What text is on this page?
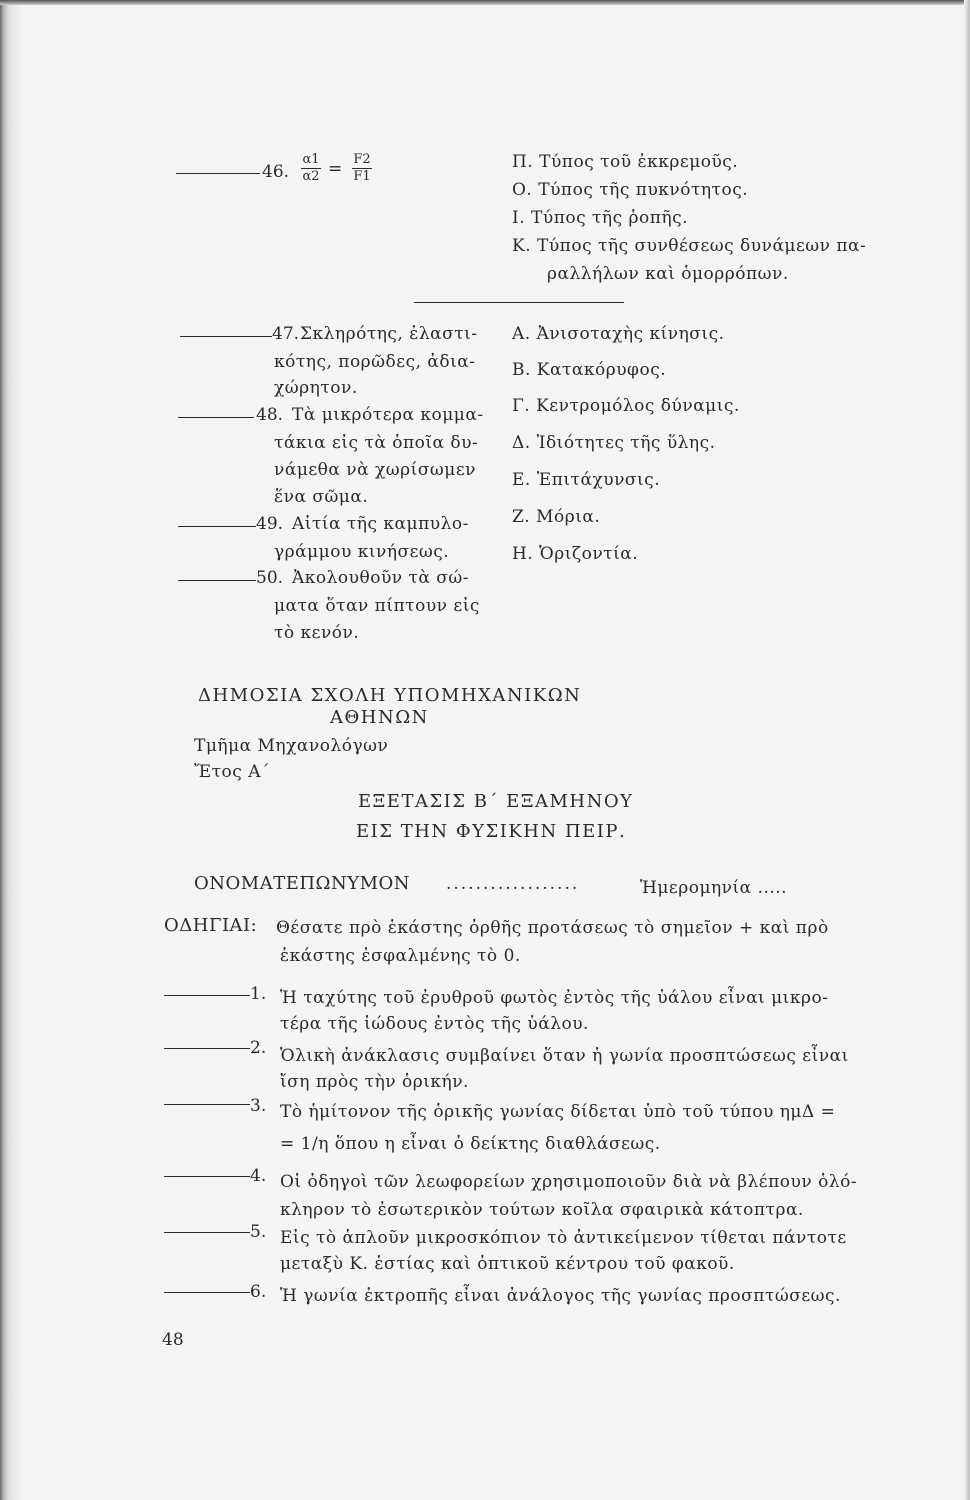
46.
α1
α2 = F2
F1
Π. Τύπος τοῦ ἐκκρεμοῦς.
Ο. Τύπος τῆς πυκνότητος.
Ι. Τύπος τῆς ῥοπῆς.
Κ. Τύπος τῆς συνθέσεως δυνάμεων πα-
ραλλήλων καὶ ὁμορρόπων.
47. Σκληρότης, ἐλαστι-
κότης, πορῶδες, ἀδια-
χώρητον.
48. Τὰ μικρότερα κομμα-
τάκια εἰς τὰ ὁποῖα δυ-
νάμεθα νὰ χωρίσωμεν
ἕνα σῶμα.
49. Αἰτία τῆς καμπυλο-
γράμμου κινήσεως.
50. Ἀκολουθοῦν τὰ σώ-
ματα ὅταν πίπτουν εἰς
τὸ κενόν.
Α. Ἀνισοταχὴς κίνησις.
Β. Κατακόρυφος.
Γ. Κεντρομόλος δύναμις.
Δ. Ἰδιότητες τῆς ὕλης.
Ε. Ἐπιτάχυνσις.
Ζ. Μόρια.
Η. Ὁριζοντία.
ΔΗΜΟΣΙΑ ΣΧΟΛΗ ΥΠΟΜΗΧΑΝΙΚΩΝ
ΑΘΗΝΩΝ
Τμῆμα Μηχανολόγων
Ἔτος Α΄
ΕΞΕΤΑΣΙΣ Β΄ ΕΞΑΜΗΝΟΥ
ΕΙΣ ΤΗΝ ΦΥΣΙΚΗΝ ΠΕΙΡ.
ΟΝΟΜΑΤΕΠΩΝΥΜΟΝ ..................	Ἡμερομηνία .....
ΟΔΗΓΙΑΙ: Θέσατε πρὸ ἑκάστης ὀρθῆς προτάσεως τὸ σημεῖον + καὶ πρὸ
ἑκάστης ἐσφαλμένης τὸ 0.
1. Ἡ ταχύτης τοῦ ἐρυθροῦ φωτὸς ἐντὸς τῆς ὑάλου εἶναι μικρο-
τέρα τῆς ἰώδους ἐντὸς τῆς ὑάλου.
2. Ὁλικὴ ἀνάκλασις συμβαίνει ὅταν ἡ γωνία προσπτώσεως εἶναι
ἴση πρὸς τὴν ὁρικήν.
3. Τὸ ἡμίτονον τῆς ὁρικῆς γωνίας δίδεται ὑπὸ τοῦ τύπου ημΔ =
= 1/η ὅπου η εἶναι ὁ δείκτης διαθλάσεως.
4. Οἱ ὁδηγοὶ τῶν λεωφορείων χρησιμοποιοῦν διὰ νὰ βλέπουν ὁλό-
κληρον τὸ ἐσωτερικὸν τούτων κοῖλα σφαιρικὰ κάτοπτρα.
5. Εἰς τὸ ἁπλοῦν μικροσκόπιον τὸ ἀντικείμενον τίθεται πάντοτε
μεταξὺ Κ. ἑστίας καὶ ὀπτικοῦ κέντρου τοῦ φακοῦ.
6. Ἡ γωνία ἐκτροπῆς εἶναι ἀνάλογος τῆς γωνίας προσπτώσεως.
48
